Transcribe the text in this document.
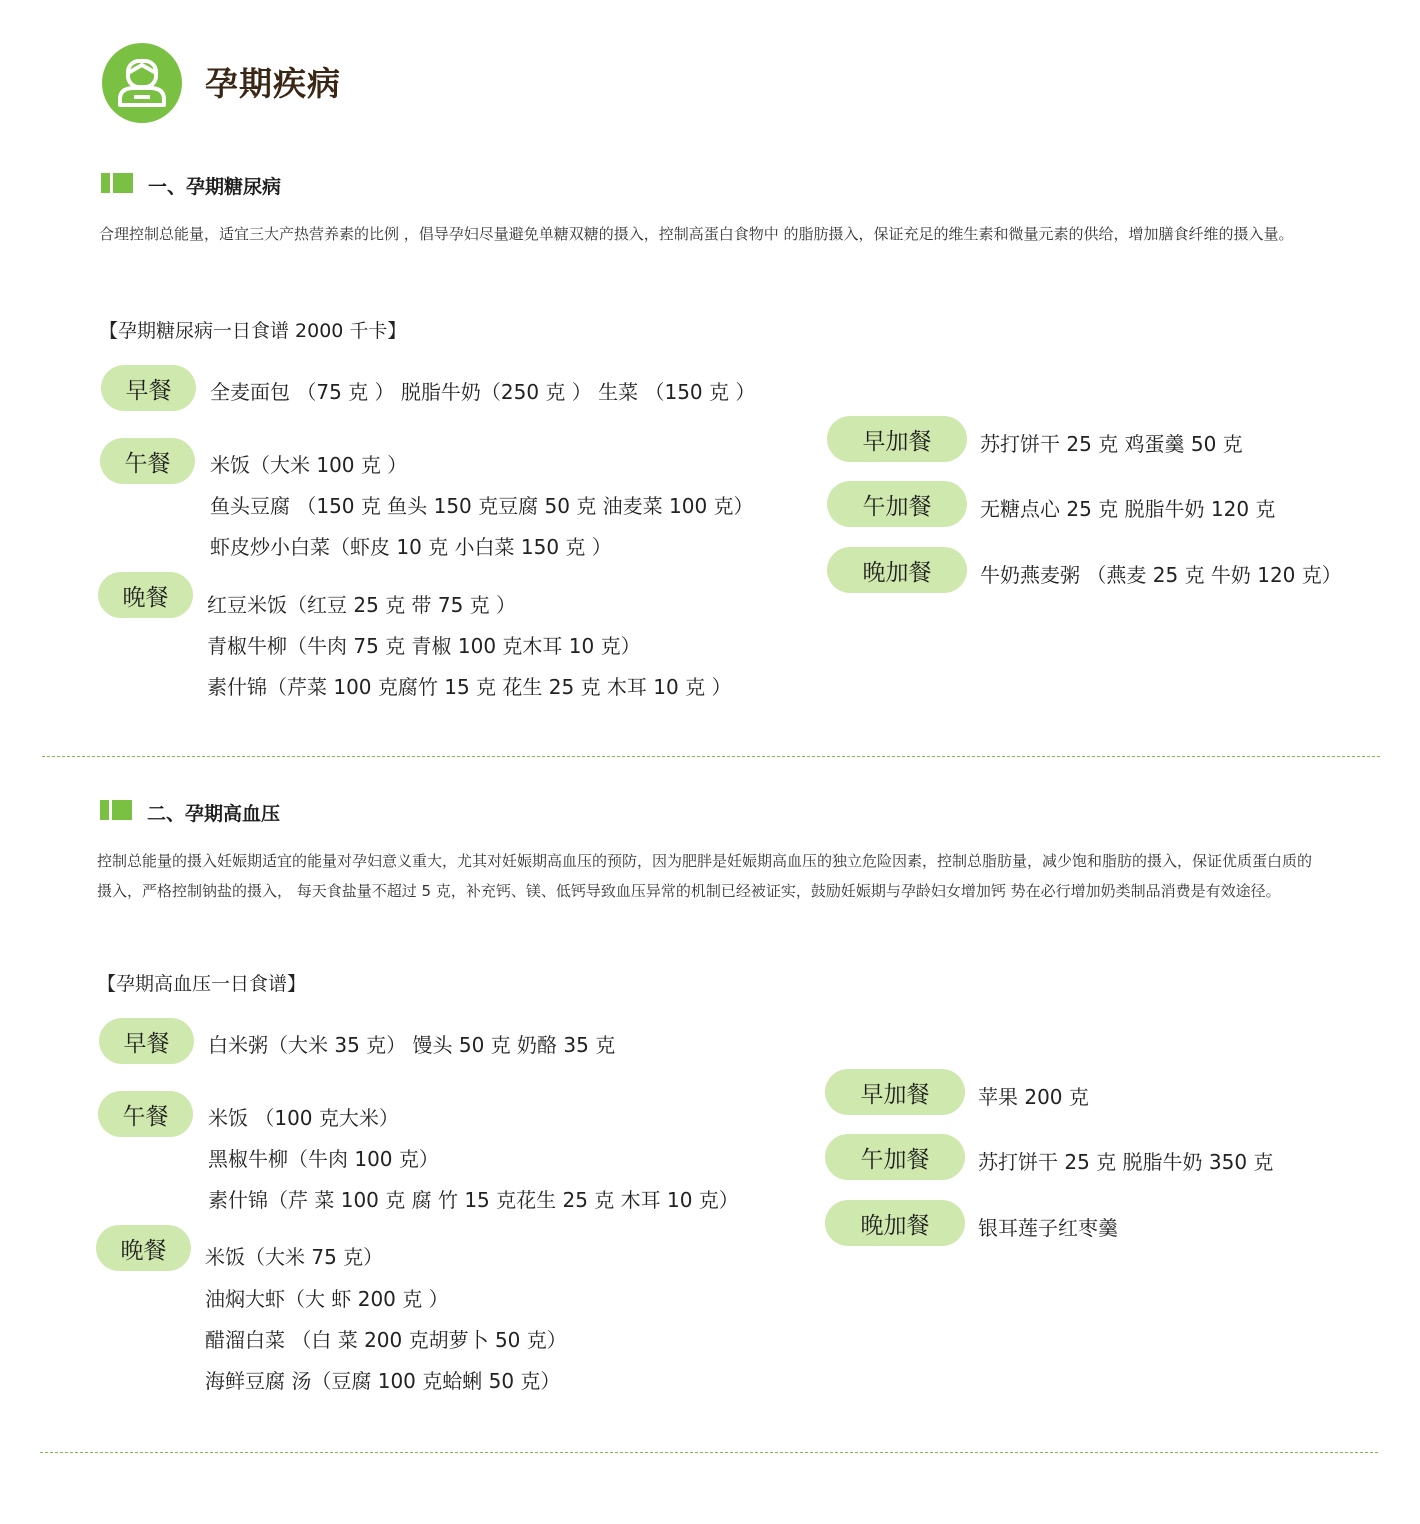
孕期疾病
一、孕期糖尿病
合理控制总能量，适宜三大产热营养素的比例 ，倡导孕妇尽量避免单糖双糖的摄入，控制高蛋白食物中 的脂肪摄入，保证充足的维生素和微量元素的供给，增加膳食纤维的摄入量。
【孕期糖尿病一日食谱 2000 千卡】
早餐	全麦面包 （75 克 ） 脱脂牛奶（250 克 ） 生菜 （150 克 ）
午餐	米饭（大米 100 克 ）
鱼头豆腐 （150 克 鱼头 150 克豆腐 50 克 油麦菜 100 克）
虾皮炒小白菜（虾皮 10 克 小白菜 150 克 ）
晚餐	红豆米饭（红豆 25 克 带 75 克 ）
青椒牛柳（牛肉 75 克 青椒 100 克木耳 10 克）
素什锦（芹菜 100 克腐竹 15 克 花生 25 克 木耳 10 克 ）
早加餐	苏打饼干 25 克 鸡蛋羹 50 克
午加餐	无糖点心 25 克 脱脂牛奶 120 克
晚加餐	牛奶燕麦粥 （燕麦 25 克 牛奶 120 克）
二、孕期高血压
控制总能量的摄入妊娠期适宜的能量对孕妇意义重大，尤其对妊娠期高血压的预防，因为肥胖是妊娠期高血压的独立危险因素，控制总脂肪量，减少饱和脂肪的摄入，保证优质蛋白质的摄入，严格控制钠盐的摄入， 每天食盐量不超过 5 克，补充钙、镁、低钙导致血压异常的机制已经被证实，鼓励妊娠期与孕龄妇女增加钙 势在必行增加奶类制品消费是有效途径。
【孕期高血压一日食谱】
早餐	白米粥（大米 35 克） 馒头 50 克 奶酪 35 克
午餐	米饭 （100 克大米）
黑椒牛柳（牛肉 100 克）
素什锦（芹 菜 100 克 腐 竹 15 克花生 25 克 木耳 10 克）
晚餐	米饭（大米 75 克）
油焖大虾（大 虾 200 克 ）
醋溜白菜 （白 菜 200 克胡萝卜 50 克）
海鲜豆腐 汤（豆腐 100 克蛤蜊 50 克）
早加餐	苹果 200 克
午加餐	苏打饼干 25 克 脱脂牛奶 350 克
晚加餐	银耳莲子红枣羹
